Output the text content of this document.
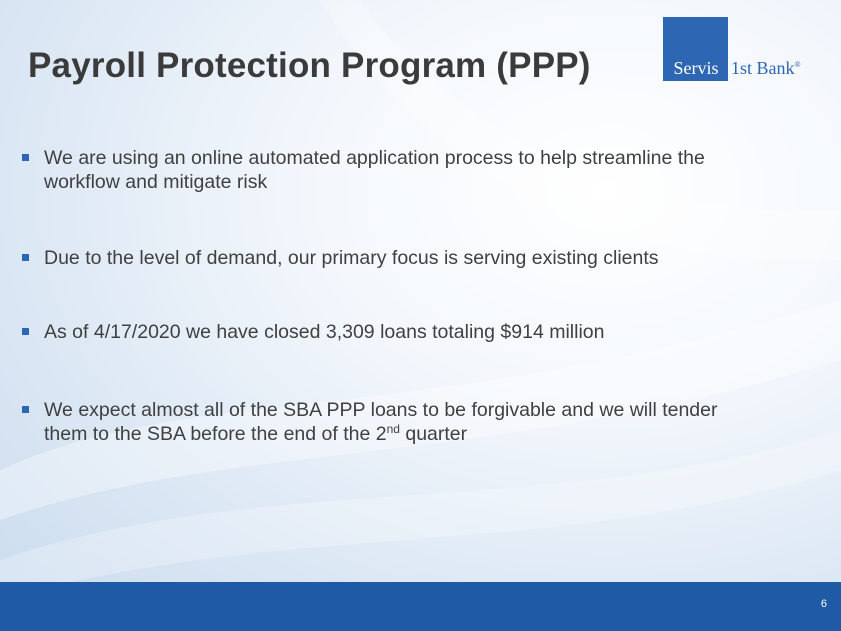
Payroll Protection Program (PPP)	Servis 1st Bank®
We are using an online automated application process to help streamline the workflow and mitigate risk
Due to the level of demand, our primary focus is serving existing clients
As of 4/17/2020 we have closed 3,309 loans totaling $914 million
We expect almost all of the SBA PPP loans to be forgivable and we will tender them to the SBA before the end of the 2nd quarter
6
